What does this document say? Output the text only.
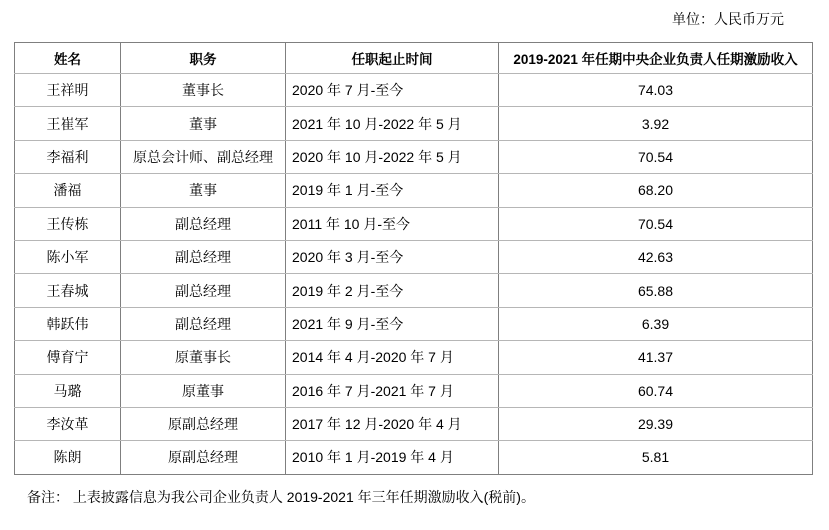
单位：人民币万元
姓名	职务	任职起止时间	2019-2021 年任期中央企业负责人任期激励收入
王祥明	董事长	2020 年 7 月-至今	74.03
王崔军	董事	2021 年 10 月-2022 年 5 月	3.92
李福利	原总会计师、副总经理	2020 年 10 月-2022 年 5 月	70.54
潘福	董事	2019 年 1 月-至今	68.20
王传栋	副总经理	2011 年 10 月-至今	70.54
陈小军	副总经理	2020 年 3 月-至今	42.63
王春城	副总经理	2019 年 2 月-至今	65.88
韩跃伟	副总经理	2021 年 9 月-至今	6.39
傅育宁	原董事长	2014 年 4 月-2020 年 7 月	41.37
马璐	原董事	2016 年 7 月-2021 年 7 月	60.74
李汝革	原副总经理	2017 年 12 月-2020 年 4 月	29.39
陈朗	原副总经理	2010 年 1 月-2019 年 4 月	5.81
备注： 上表披露信息为我公司企业负责人 2019-2021 年三年任期激励收入(税前)。
